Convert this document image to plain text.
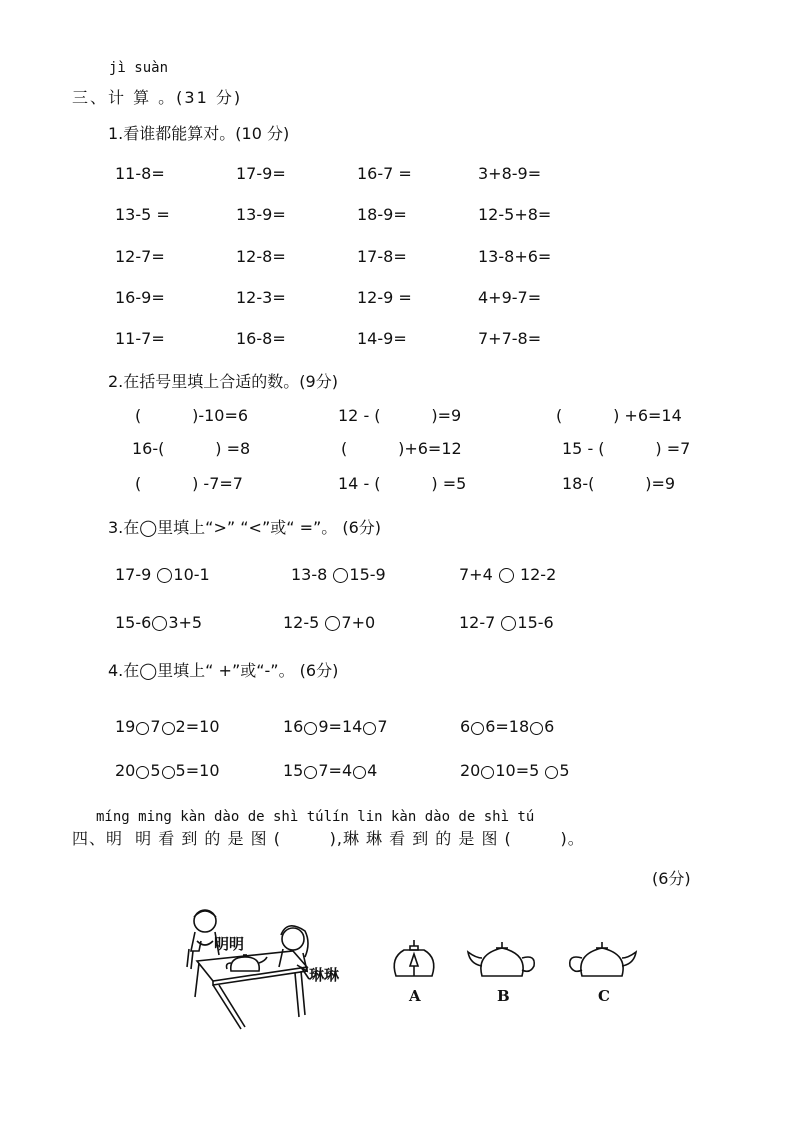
jì suàn
三、计 算 。(31 分)
1.看谁都能算对。(10 分)
11-8=	17-9=	16-7 =	3+8-9=
13-5 =	13-9=	18-9=	12-5+8=
12-7=	12-8=	17-8=	13-8+6=
16-9=	12-3=	12-9 =	4+9-7=
11-7=	16-8=	14-9=	7+7-8=
2.在括号里填上合适的数。(9分)
(          )-10=6	12 - (          )=9	(          ) +6=14
16-(          ) =8	(          )+6=12	15 - (          ) =7
(          ) -7=7	14 - (          ) =5	18-(          )=9
3.在◯里填上“>” “<”或“ =”。 (6分)
17-9 10-1	13-8 15-9	7+4  12-2
15-6 3+5	12-5 7+0	12-7 15-6
4.在◯里填上“ +”或“-”。 (6分)
19 7 2=10	16 9=14 7	6 6=18 6
20 5 5=10	15 7=4 4	20 10=5 5
míng ming kàn dào de shì túlín lin kàn dào de shì tú
四、明  明 看 到 的 是 图 (        ),琳 琳 看 到 的 是 图 (        )。
(6分)
明明
琳琳
A	B	C
